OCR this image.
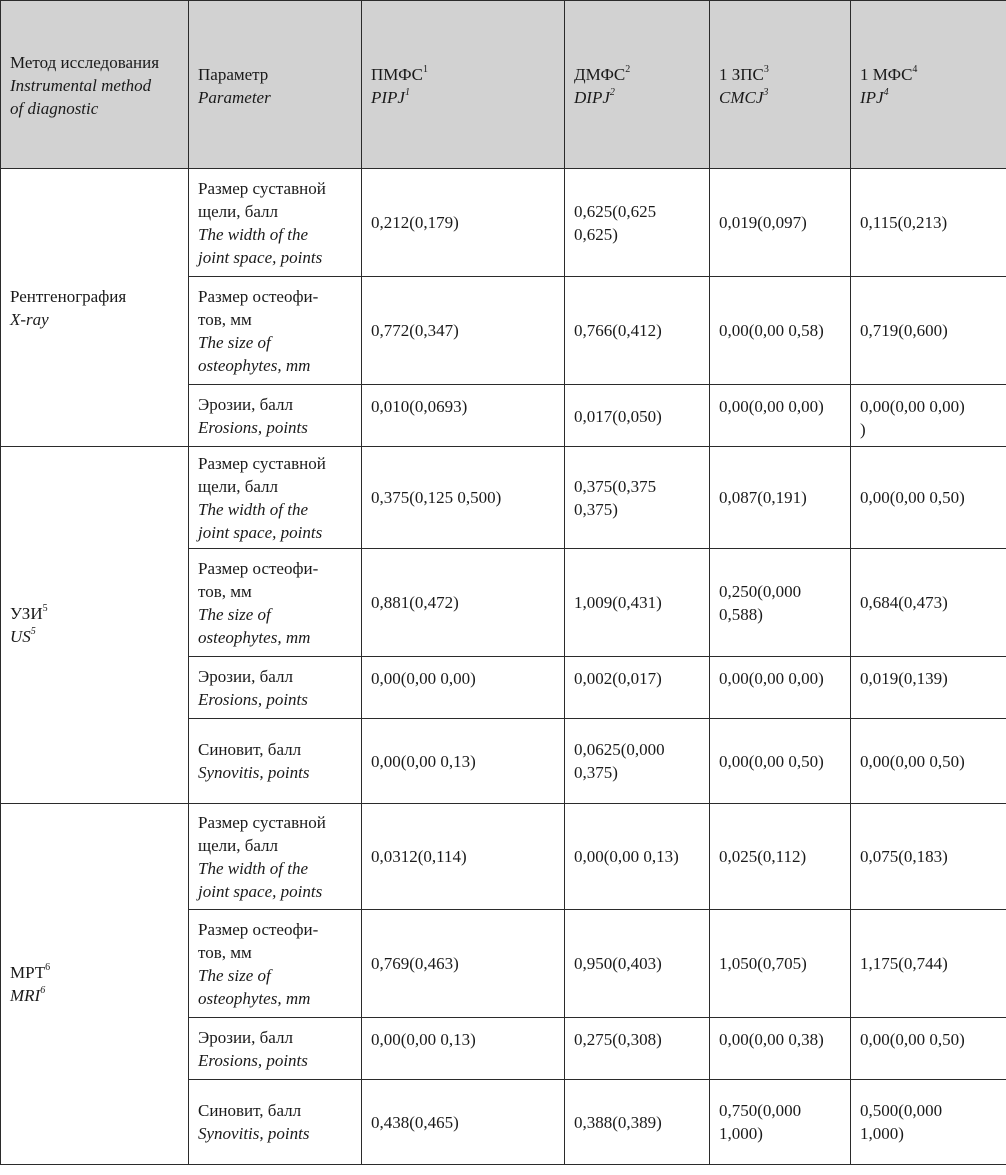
Метод исследования
Instrumental method
of diagnostic	Параметр
Parameter	ПМФС$^1$
PIPJ$^1$	ДМФС$^2$
DIPJ$^2$	1 ЗПС$^3$
CMCJ$^3$	1 МФС$^4$
IPJ$^4$

Рентгенография
X-ray	Размер суставной
щели, балл
The width of the
joint space, points	0,212(0,179)	0,625(0,625
0,625)	0,019(0,097)	0,115(0,213)

	Размер остеофи-
тов, мм
The size of
osteophytes, mm	0,772(0,347)	0,766(0,412)	0,00(0,00 0,58)	0,719(0,600)

	Эрозии, балл
Erosions, points	0,010(0,0693)	0,017(0,050)	0,00(0,00 0,00)	0,00(0,00 0,00)
)

УЗИ$^5$
$US^5$	Размер суставной
щели, балл
The width of the
joint space, points	0,375(0,125 0,500)	0,375(0,375
0,375)	0,087(0,191)	0,00(0,00 0,50)

	Размер остеофи-
тов, мм
The size of
osteophytes, mm	0,881(0,472)	1,009(0,431)	0,250(0,000
0,588)	0,684(0,473)

	Эрозии, балл
Erosions, points	0,00(0,00 0,00)	0,002(0,017)	0,00(0,00 0,00)	0,019(0,139)

	Синовит, балл
Synovitis, points	0,00(0,00 0,13)	0,0625(0,000
0,375)	0,00(0,00 0,50)	0,00(0,00 0,50)

МРТ$^6$
MRI$^6$	Размер суставной
щели, балл
The width of the
joint space, points	0,0312(0,114)	0,00(0,00 0,13)	0,025(0,112)	0,075(0,183)

	Размер остеофи-
тов, мм
The size of
osteophytes, mm	0,769(0,463)	0,950(0,403)	1,050(0,705)	1,175(0,744)

	Эрозии, балл
Erosions, points	0,00(0,00 0,13)	0,275(0,308)	0,00(0,00 0,38)	0,00(0,00 0,50)

	Синовит, балл
Synovitis, points	0,438(0,465)	0,388(0,389)	0,750(0,000
1,000)	0,500(0,000
1,000)
